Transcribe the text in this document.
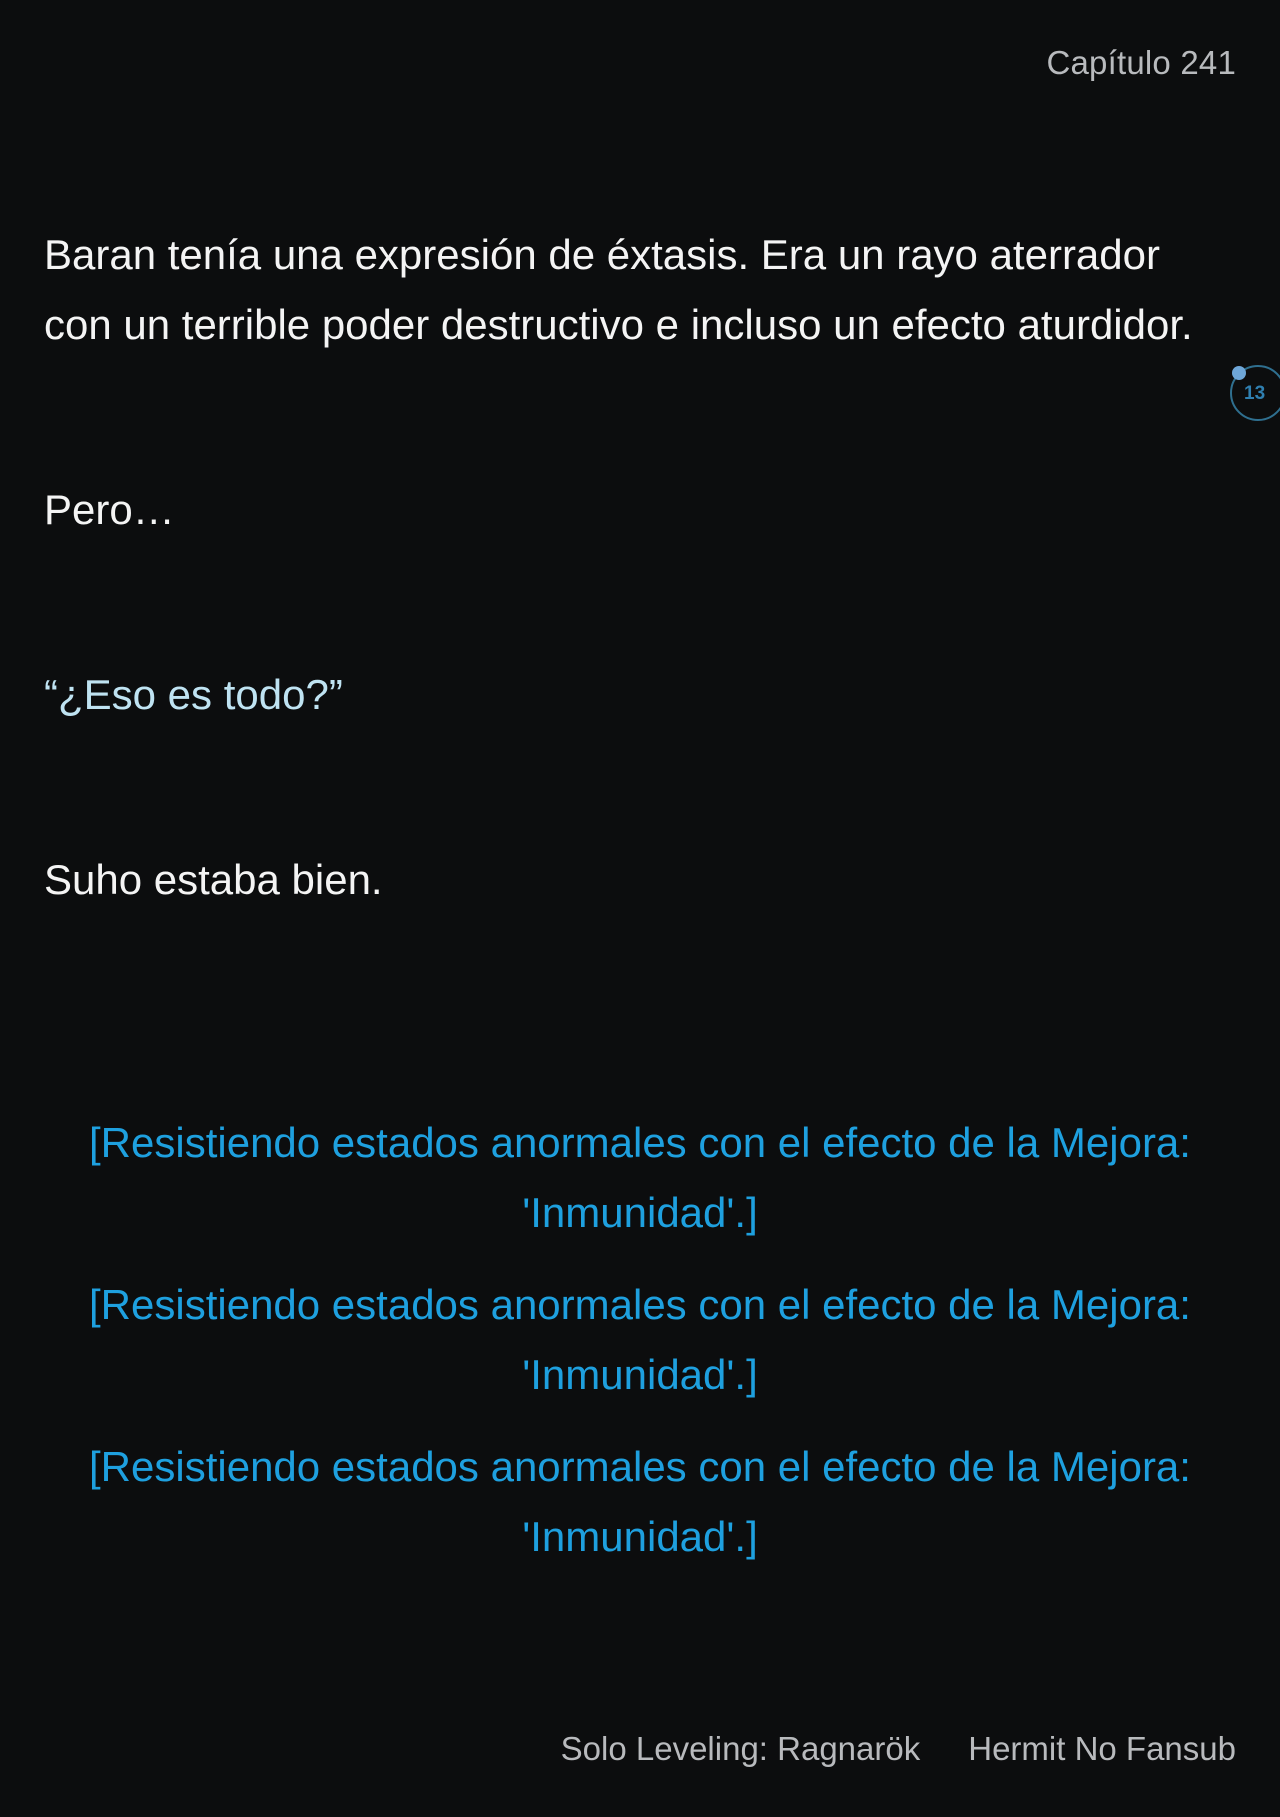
Capítulo 241

Baran tenía una expresión de éxtasis. Era un rayo aterrador con un terrible poder destructivo e incluso un efecto aturdidor.

Pero…

“¿Eso es todo?”

Suho estaba bien.

13

[Resistiendo estados anormales con el efecto de la Mejora: 'Inmunidad'.]

[Resistiendo estados anormales con el efecto de la Mejora: 'Inmunidad'.]

[Resistiendo estados anormales con el efecto de la Mejora: 'Inmunidad'.]

Solo Leveling: Ragnarök Hermit No Fansub
